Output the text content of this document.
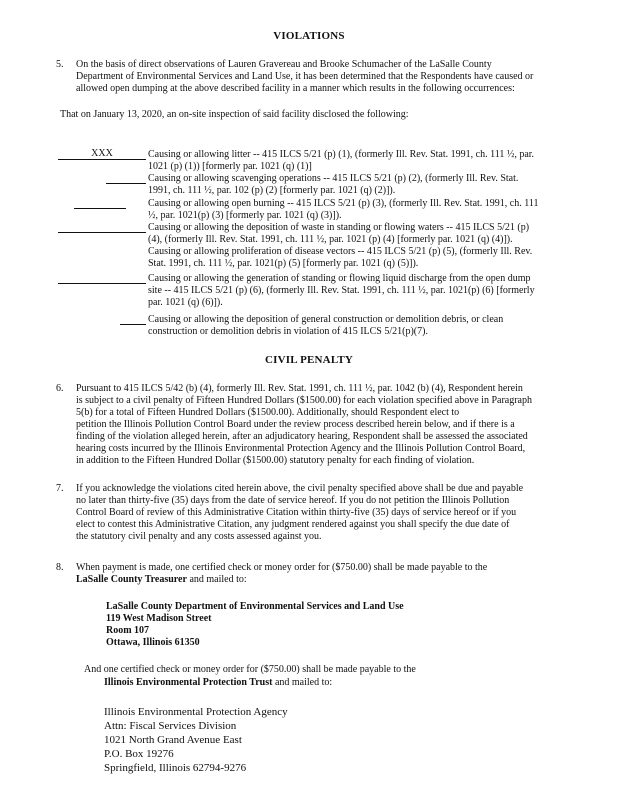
VIOLATIONS
5. On the basis of direct observations of Lauren Gravereau and Brooke Schumacher of the LaSalle County
Department of Environmental Services and Land Use, it has been determined that the Respondents have caused or
allowed open dumping at the above described facility in a manner which results in the following occurrences:
That on January 13, 2020, an on-site inspection of said facility disclosed the following:
XXX	Causing or allowing litter -- 415 ILCS 5/21 (p) (1), (formerly Ill. Rev. Stat. 1991, ch. 111 ½, par.
1021 (p) (1)) [formerly par. 1021 (q) (1)]
Causing or allowing scavenging operations -- 415 ILCS 5/21 (p) (2), (formerly Ill. Rev. Stat.
1991, ch. 111 ½, par. 102 (p) (2) [formerly par. 1021 (q) (2)]).
Causing or allowing open burning -- 415 ILCS 5/21 (p) (3), (formerly Ill. Rev. Stat. 1991, ch. 111
½, par. 1021(p) (3) [formerly par. 1021 (q) (3)]).
Causing or allowing the deposition of waste in standing or flowing waters -- 415 ILCS 5/21 (p)
(4), (formerly Ill. Rev. Stat. 1991, ch. 111 ½, par. 1021 (p) (4) [formerly par. 1021 (q) (4)]).
Causing or allowing proliferation of disease vectors -- 415 ILCS 5/21 (p) (5), (formerly Ill. Rev.
Stat. 1991, ch. 111 ½, par. 1021(p) (5) [formerly par. 1021 (q) (5)]).
Causing or allowing the generation of standing or flowing liquid discharge from the open dump
site -- 415 ILCS 5/21 (p) (6), (formerly Ill. Rev. Stat. 1991, ch. 111 ½, par. 1021(p) (6) [formerly
par. 1021 (q) (6)]).
Causing or allowing the deposition of general construction or demolition debris, or clean
construction or demolition debris in violation of 415 ILCS 5/21(p)(7).
CIVIL PENALTY
6. Pursuant to 415 ILCS 5/42 (b) (4), formerly Ill. Rev. Stat. 1991, ch. 111 ½, par. 1042 (b) (4), Respondent herein
is subject to a civil penalty of Fifteen Hundred Dollars ($1500.00) for each violation specified above in Paragraph
5(b) for a total of Fifteen Hundred Dollars ($1500.00). Additionally, should Respondent elect to
petition the Illinois Pollution Control Board under the review process described herein below, and if there is a
finding of the violation alleged herein, after an adjudicatory hearing, Respondent shall be assessed the associated
hearing costs incurred by the Illinois Environmental Protection Agency and the Illinois Pollution Control Board,
in addition to the Fifteen Hundred Dollar ($1500.00) statutory penalty for each finding of violation.
7. If you acknowledge the violations cited herein above, the civil penalty specified above shall be due and payable
no later than thirty-five (35) days from the date of service hereof. If you do not petition the Illinois Pollution
Control Board of review of this Administrative Citation within thirty-five (35) days of service hereof or if you
elect to contest this Administrative Citation, any judgment rendered against you shall specify the due date of
the statutory civil penalty and any costs assessed against you.
8. When payment is made, one certified check or money order for ($750.00) shall be made payable to the
LaSalle County Treasurer and mailed to:
LaSalle County Department of Environmental Services and Land Use
119 West Madison Street
Room 107
Ottawa, Illinois 61350
And one certified check or money order for ($750.00) shall be made payable to the
Illinois Environmental Protection Trust and mailed to:
Illinois Environmental Protection Agency
Attn: Fiscal Services Division
1021 North Grand Avenue East
P.O. Box 19276
Springfield, Illinois 62794-9276
